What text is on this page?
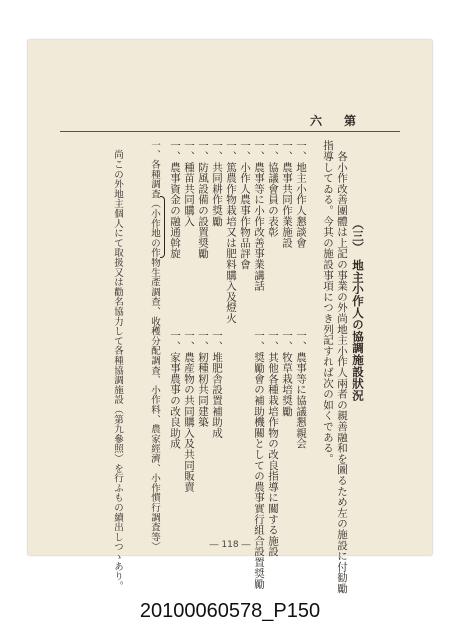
第
六
（三）　地主小作人の協調施設狀況
　各小作改善團體は上記の事業の外尚地主小作人兩者の親善融和を圖るため左の施設に付勧勵
指導してゐる。今其の施設事項につき列記すれば次の如くである。
一、地主小作人懇談會
一、農事共同作業施設
一、協議會員の表彰
一、農事等に小作改善事業講話
一、小作人農事作物品評會
一、篤農作物栽培又は肥料購入及燈火
一、共同耕作奨勵
一、防風設備の設置奨勵
一、種苗共同購入
一、農事資金の融通斡旋
一、各種調査（小作地の作物生產調查、收穫分配調査、小作料、農家經濟、小作慣行調査等）
　尚この外地主個人にて取扱又は勸名協力して各種協調施設（第九參照）を行ふもの續出しつゝあり。	一、農事等に協議懇親会
一、牧草栽培奨勵
一、其他各種栽培作物の改良指導に關する施設
一、奨勵會の補助機關としての農事實行組合設置奨勵
一、堆肥舎設置補助成
一、籾種籾共同建築
一、農産物の共同購入及共同販賣
一、家事農事の改良助成
― 118 ―
20100060578_P150
